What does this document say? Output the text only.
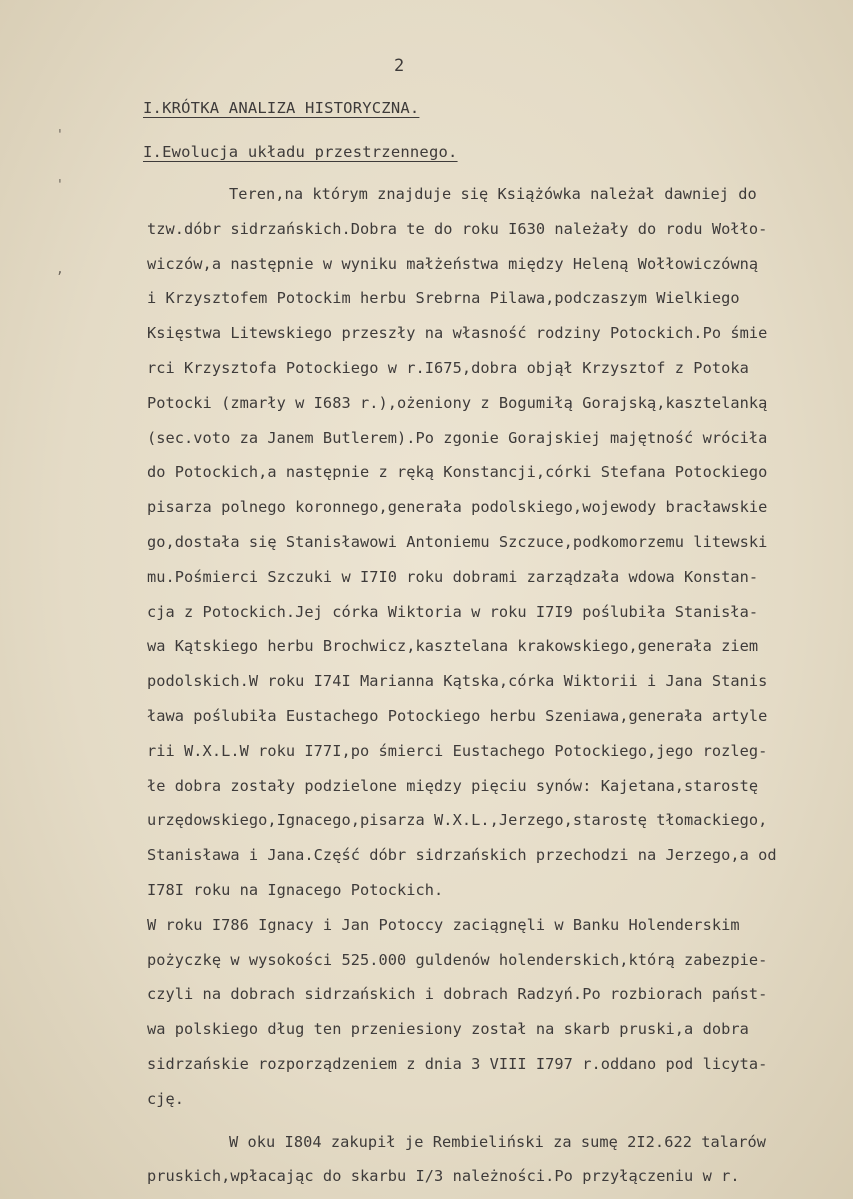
2
'
'
,
I.KRÓTKA ANALIZA HISTORYCZNA.
I.Ewolucja układu przestrzennego.
Teren,na którym znajduje się Książówka należał dawniej do
tzw.dóbr sidrzańskich.Dobra te do roku I630 należały do rodu Wołło-
wiczów,a następnie w wyniku małżeństwa między Heleną Wołłowiczówną
i Krzysztofem Potockim herbu Srebrna Pilawa,podczaszym Wielkiego
Księstwa Litewskiego przeszły na własność rodziny Potockich.Po śmie
rci Krzysztofa Potockiego w r.I675,dobra objął Krzysztof z Potoka
Potocki (zmarły w I683 r.),ożeniony z Bogumiłą Gorajską,kasztelanką
(sec.voto za Janem Butlerem).Po zgonie Gorajskiej majętność wróciła
do Potockich,a następnie z ręką Konstancji,córki Stefana Potockiego
pisarza polnego koronnego,generała podolskiego,wojewody bracławskie
go,dostała się Stanisławowi Antoniemu Szczuce,podkomorzemu litewski
mu.Pośmierci Szczuki w I7I0 roku dobrami zarządzała wdowa Konstan-
cja z Potockich.Jej córka Wiktoria w roku I7I9 poślubiła Stanisła-
wa Kątskiego herbu Brochwicz,kasztelana krakowskiego,generała ziem
podolskich.W roku I74I Marianna Kątska,córka Wiktorii i Jana Stanis
ława poślubiła Eustachego Potockiego herbu Szeniawa,generała artyle
rii W.X.L.W roku I77I,po śmierci Eustachego Potockiego,jego rozleg-
łe dobra zostały podzielone między pięciu synów: Kajetana,starostę
urzędowskiego,Ignacego,pisarza W.X.L.,Jerzego,starostę tłomackiego,
Stanisława i Jana.Część dóbr sidrzańskich przechodzi na Jerzego,a od
I78I roku na Ignacego Potockich.
W roku I786 Ignacy i Jan Potoccy zaciągnęli w Banku Holenderskim
pożyczkę w wysokości 525.000 guldenów holenderskich,którą zabezpie-
czyli na dobrach sidrzańskich i dobrach Radzyń.Po rozbiorach państ-
wa polskiego dług ten przeniesiony został na skarb pruski,a dobra
sidrzańskie rozporządzeniem z dnia 3 VIII I797 r.oddano pod licyta-
cję.
W oku I804 zakupił je Rembieliński za sumę 2I2.622 talarów
pruskich,wpłacając do skarbu I/3 należności.Po przyłączeniu w r.
